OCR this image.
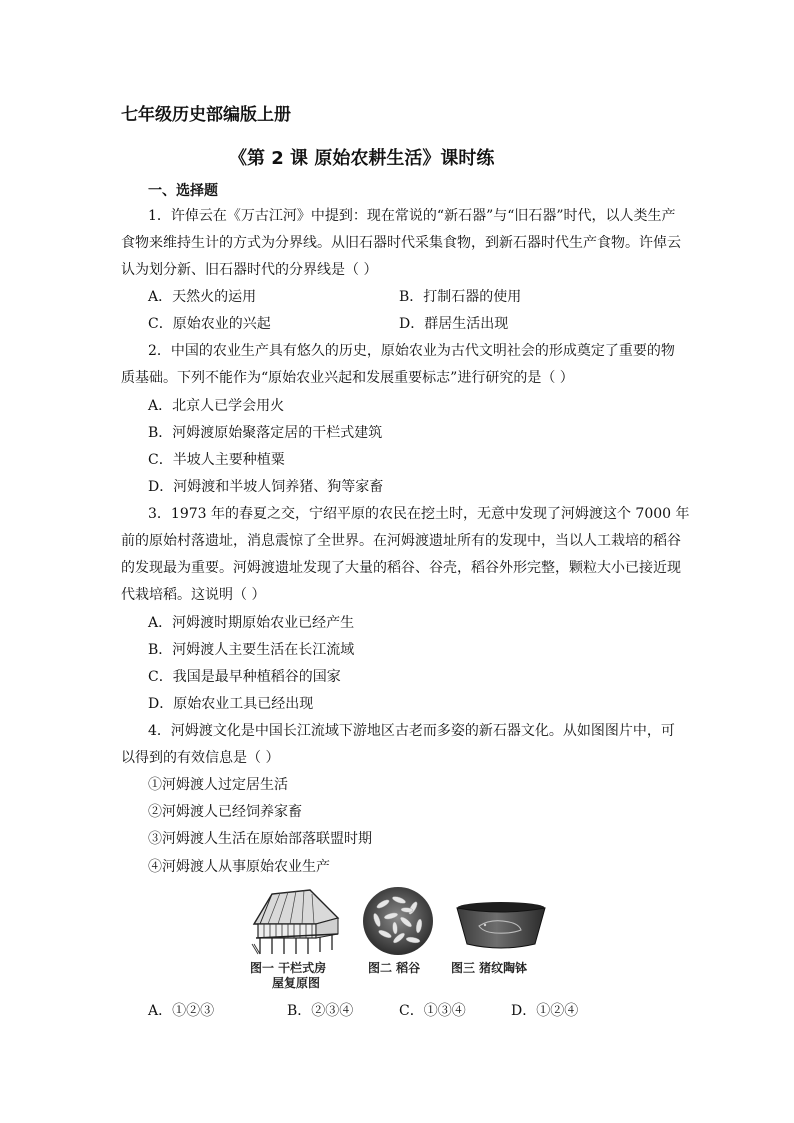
七年级历史部编版上册
《第 2 课 原始农耕生活》课时练
一、选择题
1．许倬云在《万古江河》中提到：现在常说的“新石器”与“旧石器”时代，以人类生产
食物来维持生计的方式为分界线。从旧石器时代采集食物，到新石器时代生产食物。许倬云
认为划分新、旧石器时代的分界线是（ ）
A．天然火的运用	B．打制石器的使用
C．原始农业的兴起	D．群居生活出现
2．中国的农业生产具有悠久的历史，原始农业为古代文明社会的形成奠定了重要的物
质基础。下列不能作为“原始农业兴起和发展重要标志”进行研究的是（ ）
A．北京人已学会用火
B．河姆渡原始聚落定居的干栏式建筑
C．半坡人主要种植粟
D．河姆渡和半坡人饲养猪、狗等家畜
3．1973 年的春夏之交，宁绍平原的农民在挖土时，无意中发现了河姆渡这个 7000 年
前的原始村落遗址，消息震惊了全世界。在河姆渡遗址所有的发现中，当以人工栽培的稻谷
的发现最为重要。河姆渡遗址发现了大量的稻谷、谷壳，稻谷外形完整，颗粒大小已接近现
代栽培稻。这说明（ ）
A．河姆渡时期原始农业已经产生
B．河姆渡人主要生活在长江流域
C．我国是最早种植稻谷的国家
D．原始农业工具已经出现
4．河姆渡文化是中国长江流域下游地区古老而多姿的新石器文化。从如图图片中，可
以得到的有效信息是（ ）
①河姆渡人过定居生活
②河姆渡人已经饲养家畜
③河姆渡人生活在原始部落联盟时期
④河姆渡人从事原始农业生产
图一 干栏式房
屋复原图
图二 稻谷	图三 猪纹陶钵
A．①②③	B．②③④	C．①③④	D．①②④
